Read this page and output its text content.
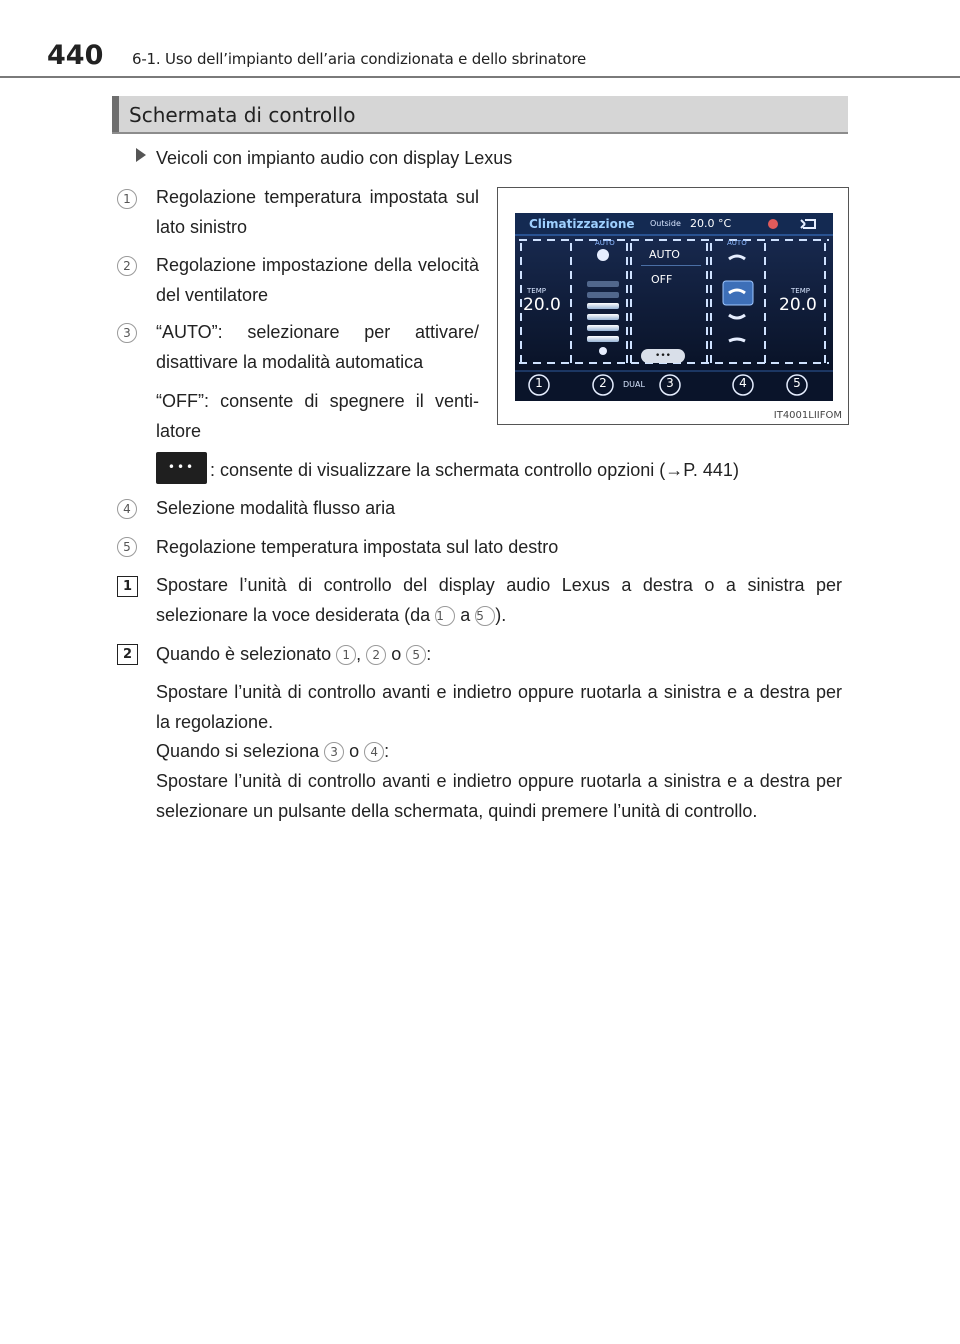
440 6-1. Uso dell’impianto dell’aria condizionata e dello sbrinatore
Schermata di controllo
Veicoli con impianto audio con display Lexus
1	Regolazione temperatura impostata sul lato sinistro
2	Regolazione impostazione della velocità del ventilatore
3	“AUTO”: selezionare per attivare/ disattivare la modalità automatica
“OFF”: consente di spegnere il venti- latore
Climatizzazione Outside 20.0 °C
AUTO	AUTO
AUTO
OFF
TEMP
20.0
TEMP
20.0
•••
DUAL
1	2	3	4	5
IT4001LIIFOM
••• : consente di visualizzare la schermata controllo opzioni (→P. 441)
4	Selezione modalità flusso aria
5	Regolazione temperatura impostata sul lato destro
1	Spostare l’unità di controllo del display audio Lexus a destra o a sinistra per selezionare la voce desiderata (da 1 a 5 ).
2	Quando è selezionato 1 , 2 o 5 :
Spostare l’unità di controllo avanti e indietro oppure ruotarla a sinistra e a destra per la regolazione.
Quando si seleziona 3 o 4 :
Spostare l’unità di controllo avanti e indietro oppure ruotarla a sinistra e a destra per selezionare un pulsante della schermata, quindi premere l’unità di controllo.
